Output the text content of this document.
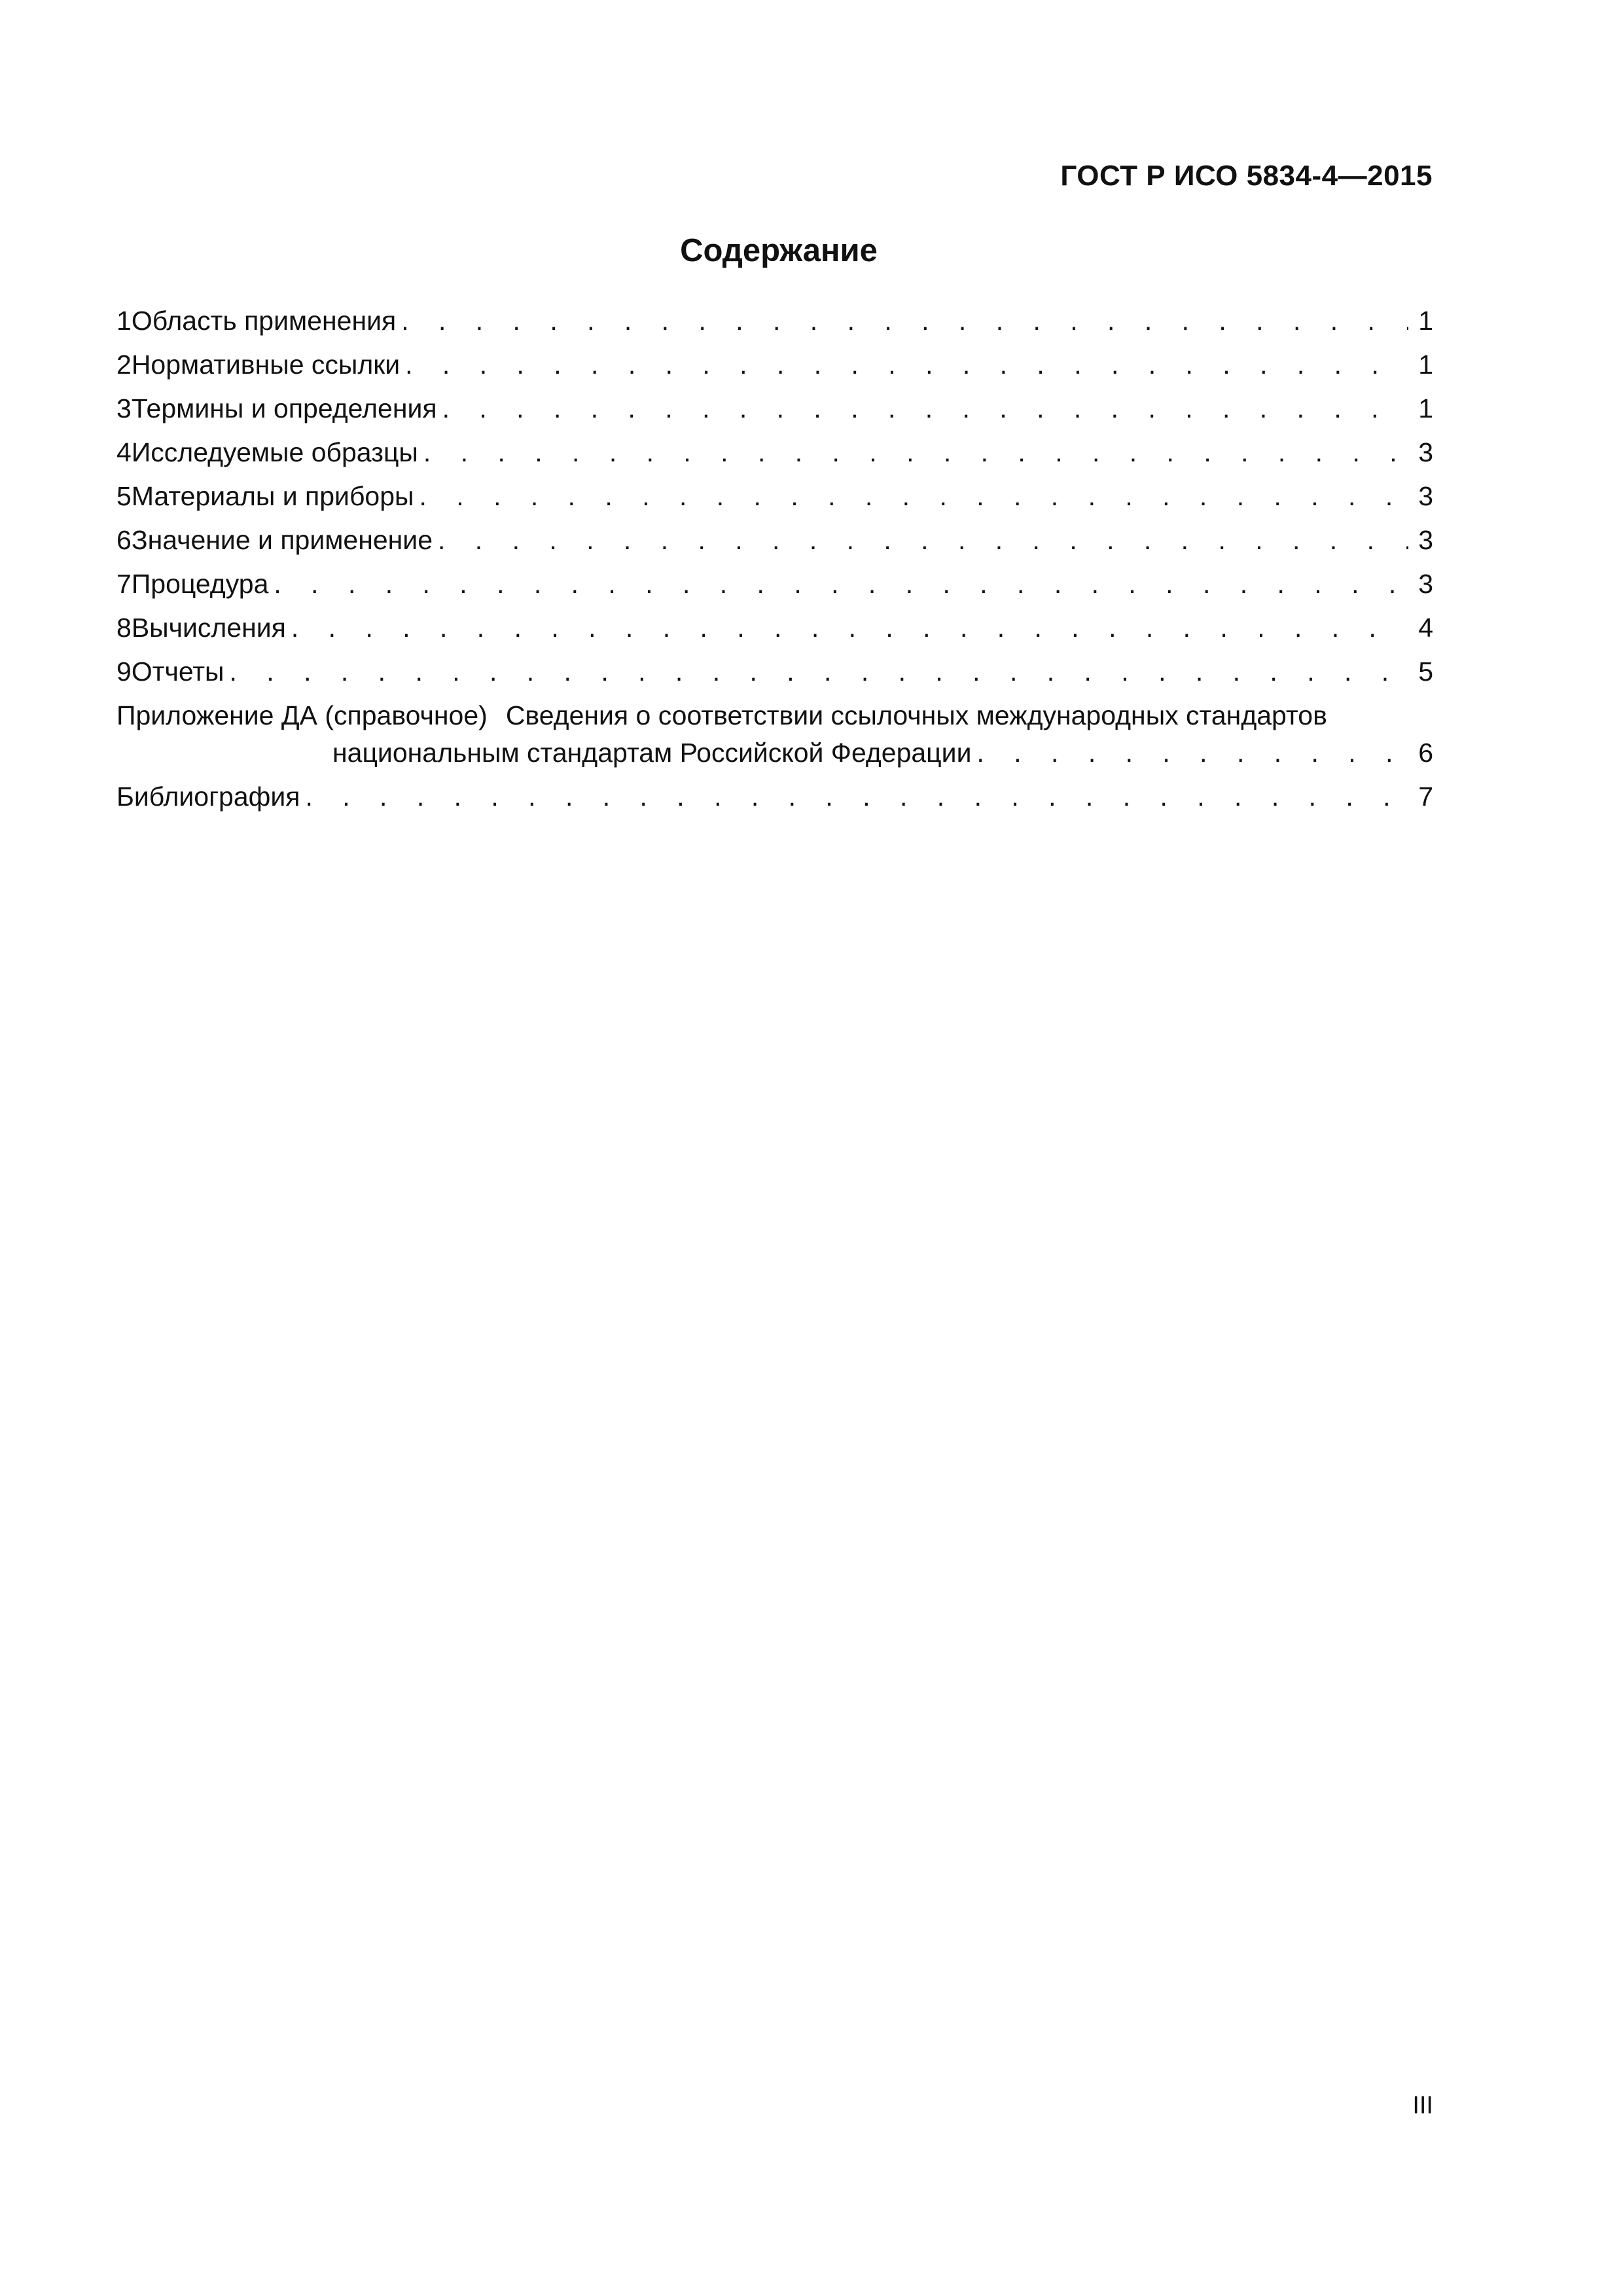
ГОСТ Р ИСО 5834-4—2015
Содержание
1 Область применения . . .	1
2 Нормативные ссылки . . .	1
3 Термины и определения . . .	1
4 Исследуемые образцы . . .	3
5 Материалы и приборы . . .	3
6 Значение и применение . . .	3
7 Процедура . . .	3
8 Вычисления . . .	4
9 Отчеты . . .	5
Приложение ДА (справочное) Сведения о соответствии ссылочных международных стандартов
национальным стандартам Российской Федерации . . .	6
Библиография . . .	7
III
